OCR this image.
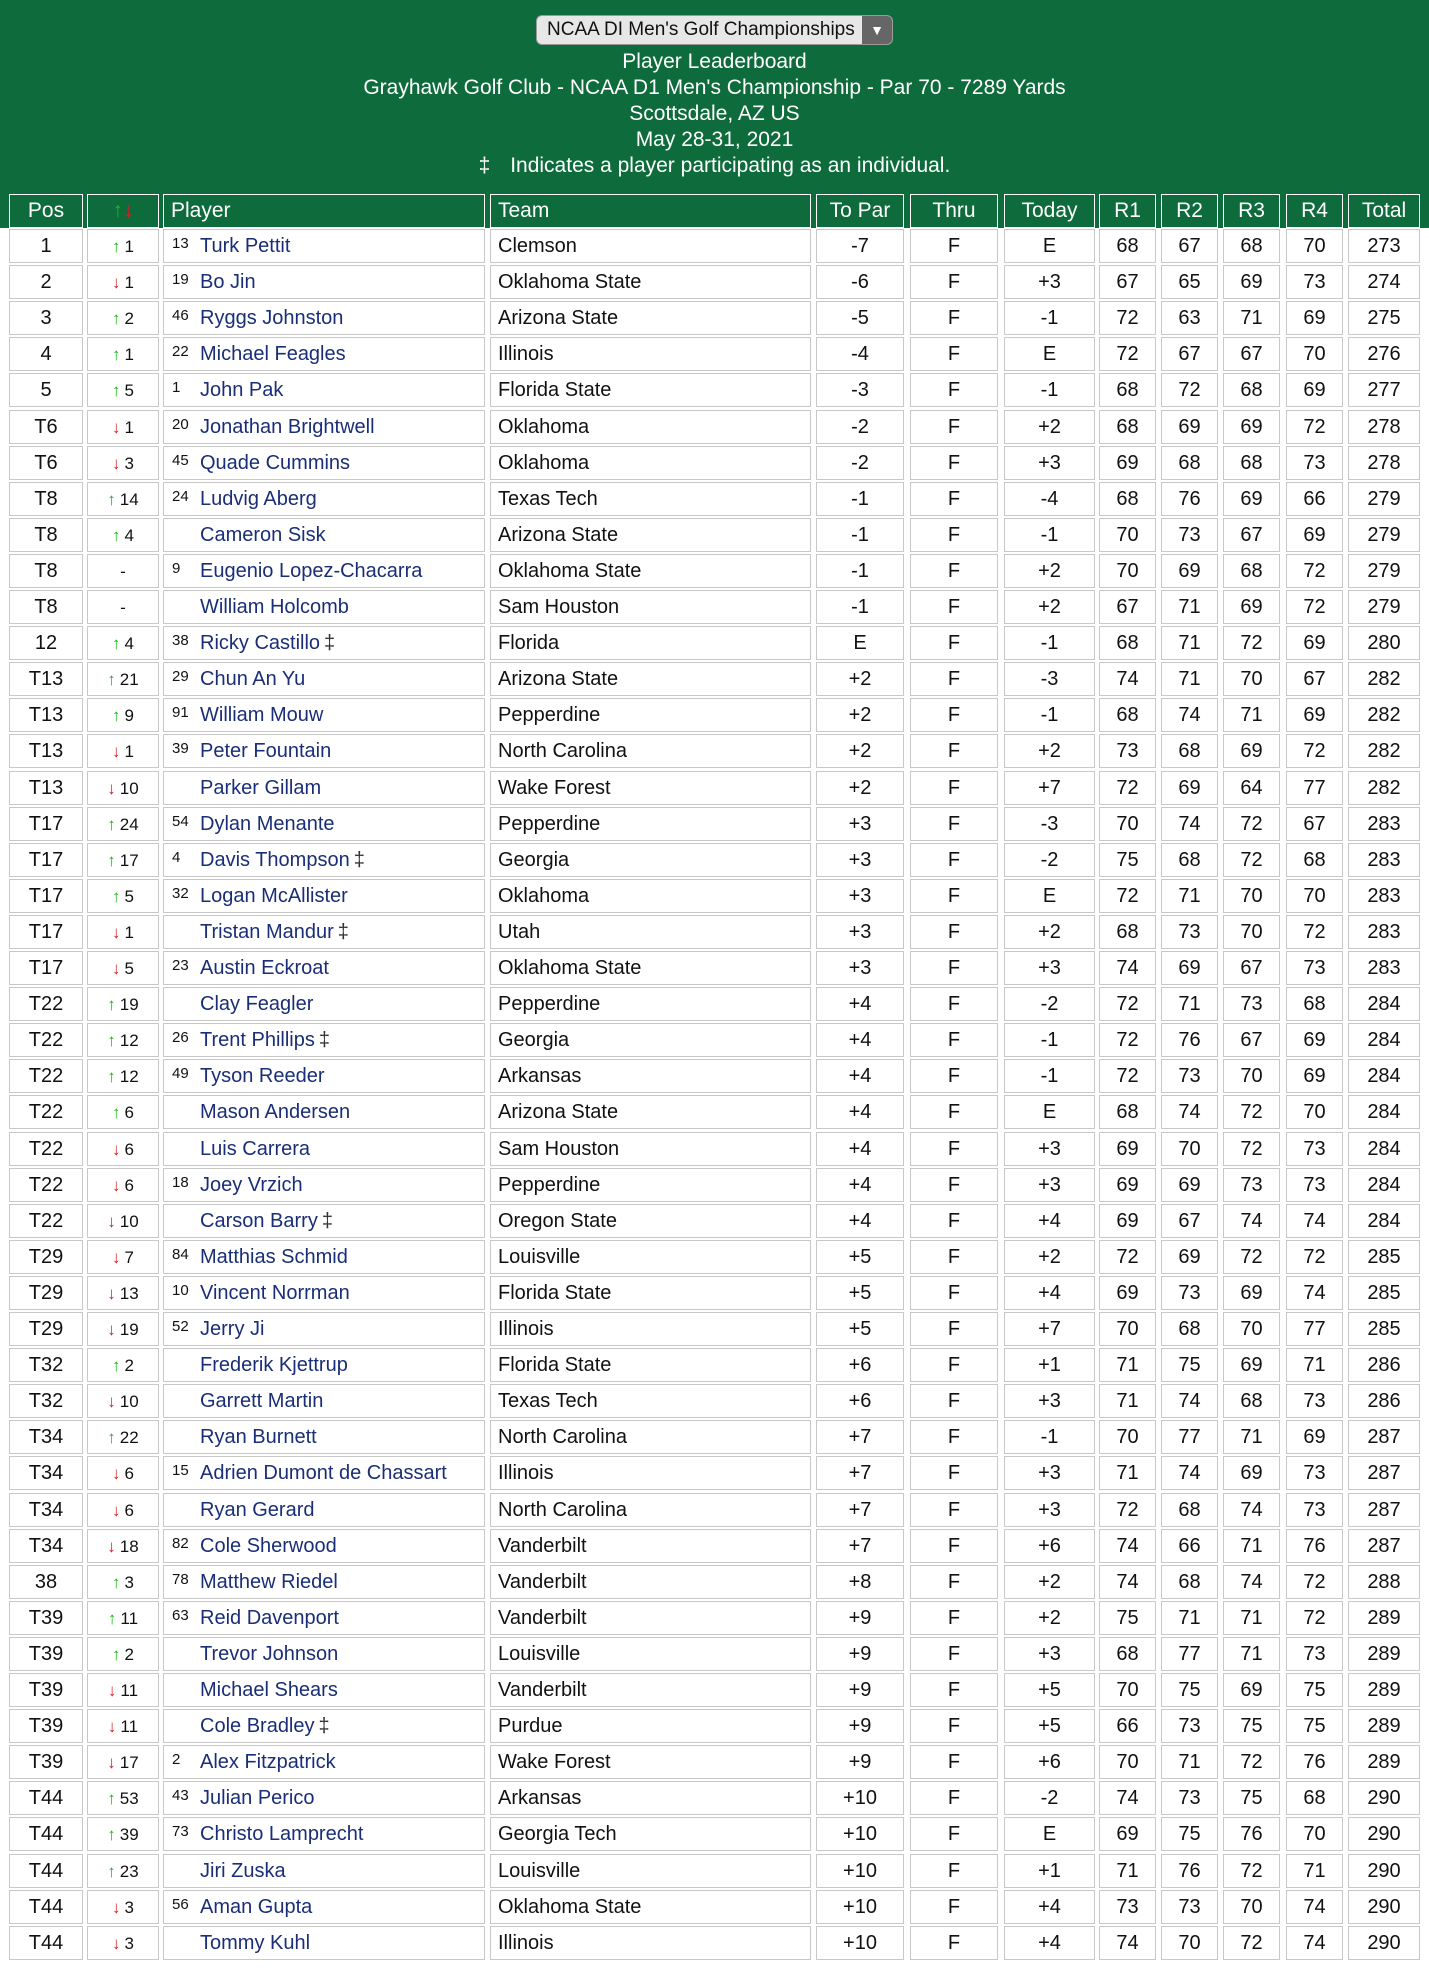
NCAA DI Men's Golf Championships	▼
Player Leaderboard
Grayhawk Golf Club - NCAA D1 Men's Championship - Par 70 - 7289 Yards
Scottsdale, AZ US
May 28-31, 2021
‡ Indicates a player participating as an individual.
Pos	↑↓	Player	Team	To Par	Thru	Today	R1	R2	R3	R4	Total
1	↑ 1	13 Turk Pettit	Clemson	-7	F	E	68	67	68	70	273
2	↓ 1	19 Bo Jin	Oklahoma State	-6	F	+3	67	65	69	73	274
3	↑ 2	46 Ryggs Johnston	Arizona State	-5	F	-1	72	63	71	69	275
4	↑ 1	22 Michael Feagles	Illinois	-4	F	E	72	67	67	70	276
5	↑ 5	1 John Pak	Florida State	-3	F	-1	68	72	68	69	277
T6	↓ 1	20 Jonathan Brightwell	Oklahoma	-2	F	+2	68	69	69	72	278
T6	↓ 3	45 Quade Cummins	Oklahoma	-2	F	+3	69	68	68	73	278
T8	↑ 14	24 Ludvig Aberg	Texas Tech	-1	F	-4	68	76	69	66	279
T8	↑ 4	Cameron Sisk	Arizona State	-1	F	-1	70	73	67	69	279
T8	-	9 Eugenio Lopez-Chacarra	Oklahoma State	-1	F	+2	70	69	68	72	279
T8	-	William Holcomb	Sam Houston	-1	F	+2	67	71	69	72	279
12	↑ 4	38 Ricky Castillo ‡	Florida	E	F	-1	68	71	72	69	280
T13	↑ 21	29 Chun An Yu	Arizona State	+2	F	-3	74	71	70	67	282
T13	↑ 9	91 William Mouw	Pepperdine	+2	F	-1	68	74	71	69	282
T13	↓ 1	39 Peter Fountain	North Carolina	+2	F	+2	73	68	69	72	282
T13	↓ 10	Parker Gillam	Wake Forest	+2	F	+7	72	69	64	77	282
T17	↑ 24	54 Dylan Menante	Pepperdine	+3	F	-3	70	74	72	67	283
T17	↑ 17	4 Davis Thompson ‡	Georgia	+3	F	-2	75	68	72	68	283
T17	↑ 5	32 Logan McAllister	Oklahoma	+3	F	E	72	71	70	70	283
T17	↓ 1	Tristan Mandur ‡	Utah	+3	F	+2	68	73	70	72	283
T17	↓ 5	23 Austin Eckroat	Oklahoma State	+3	F	+3	74	69	67	73	283
T22	↑ 19	Clay Feagler	Pepperdine	+4	F	-2	72	71	73	68	284
T22	↑ 12	26 Trent Phillips ‡	Georgia	+4	F	-1	72	76	67	69	284
T22	↑ 12	49 Tyson Reeder	Arkansas	+4	F	-1	72	73	70	69	284
T22	↑ 6	Mason Andersen	Arizona State	+4	F	E	68	74	72	70	284
T22	↓ 6	Luis Carrera	Sam Houston	+4	F	+3	69	70	72	73	284
T22	↓ 6	18 Joey Vrzich	Pepperdine	+4	F	+3	69	69	73	73	284
T22	↓ 10	Carson Barry ‡	Oregon State	+4	F	+4	69	67	74	74	284
T29	↓ 7	84 Matthias Schmid	Louisville	+5	F	+2	72	69	72	72	285
T29	↓ 13	10 Vincent Norrman	Florida State	+5	F	+4	69	73	69	74	285
T29	↓ 19	52 Jerry Ji	Illinois	+5	F	+7	70	68	70	77	285
T32	↑ 2	Frederik Kjettrup	Florida State	+6	F	+1	71	75	69	71	286
T32	↓ 10	Garrett Martin	Texas Tech	+6	F	+3	71	74	68	73	286
T34	↑ 22	Ryan Burnett	North Carolina	+7	F	-1	70	77	71	69	287
T34	↓ 6	15 Adrien Dumont de Chassart	Illinois	+7	F	+3	71	74	69	73	287
T34	↓ 6	Ryan Gerard	North Carolina	+7	F	+3	72	68	74	73	287
T34	↓ 18	82 Cole Sherwood	Vanderbilt	+7	F	+6	74	66	71	76	287
38	↑ 3	78 Matthew Riedel	Vanderbilt	+8	F	+2	74	68	74	72	288
T39	↑ 11	63 Reid Davenport	Vanderbilt	+9	F	+2	75	71	71	72	289
T39	↑ 2	Trevor Johnson	Louisville	+9	F	+3	68	77	71	73	289
T39	↓ 11	Michael Shears	Vanderbilt	+9	F	+5	70	75	69	75	289
T39	↓ 11	Cole Bradley ‡	Purdue	+9	F	+5	66	73	75	75	289
T39	↓ 17	2 Alex Fitzpatrick	Wake Forest	+9	F	+6	70	71	72	76	289
T44	↑ 53	43 Julian Perico	Arkansas	+10	F	-2	74	73	75	68	290
T44	↑ 39	73 Christo Lamprecht	Georgia Tech	+10	F	E	69	75	76	70	290
T44	↑ 23	Jiri Zuska	Louisville	+10	F	+1	71	76	72	71	290
T44	↓ 3	56 Aman Gupta	Oklahoma State	+10	F	+4	73	73	70	74	290
T44	↓ 3	Tommy Kuhl	Illinois	+10	F	+4	74	70	72	74	290
